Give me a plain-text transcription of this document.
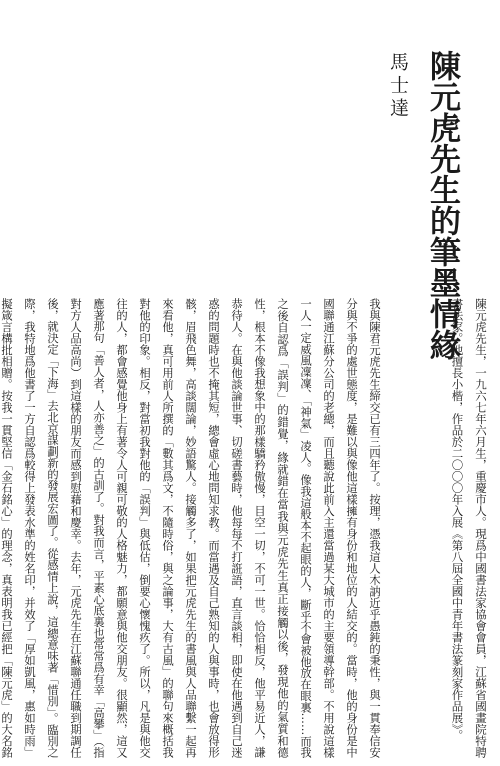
陳元虎先生的筆墨情緣
馬士達
陳元虎先生，一九六七年六月生，重慶市人。現爲中國書法家協會會員，江蘇省國畫院特聘書法家。他擅長小楷，作品於二〇〇〇年入展《第八屆全國中青年書法篆刻家作品展》。
我與陳君元虎先生締交已有三四年了。按理，憑我這人木訥近乎愚鈍的秉性，與一貫奉信安分與不爭的處世態度，是難以與像他這樣擁有身份和地位的人結交的。當時，他的身份是中國聯通江蘇分公司的老總，而且聽說此前入主還當過某大城市的主要領導幹部。不用說這樣一人一定威風凜凜、「神氣」凌人。像我這般本不起眼的人，斷乎不會被他放在眼裏……而我之後自認爲「誤判」的錯覺，緣就錯在當我與元虎先生真正接觸以後，發現他的氣質和德性，根本不像我想象中的那樣驕矜傲慢，目空一切，不可一世。恰恰相反，他平易近人，謙恭待人。在與他談論世事、切磋書藝時，他每每不打誑語，直言談相，即使在他遇到自己迷惑的問題時也不掩其短，總會虛心地問知求教。而當遇及自己熟知的人與事時，也會放得形骸，眉飛色舞，高談闊論，妙語驚人。接觸多了，如果把元虎先生的書風與人品聯繫一起再來看他，真可用前人所撰的「數其爲文，不隨時俗，與之論事，大有古風」的聯句來概括我對他的印象。相反，對當初我對他的「誤判」與低估，倒要心懷愧疚了。所以，凡是與他交往的人，都會感覺他身上有著令人可親可敬的人格魅力，都願意與他交朋友。很顯然，這又應著那句「善人者，人亦善之」的古訓了。對我而言，平素心底裏也常常爲有幸「高攀」（指對方人品高尚）到這樣的朋友而感到慰藉和慶幸。去年，元虎先生在江蘇聯通任職到期調任後，就決定「下海」去北京謀劃新的發展宏圖了。從感情上說，這總意味著「惜別」。臨別之際，我特地爲他書了一方自認爲較得上發表水準的姓名印，并效了「厚如凱風，惠如時雨」擬箴言構批相贈。按我一貫堅信「金石銘心」的理念，真表明我已經把「陳元虎」的大名銘
